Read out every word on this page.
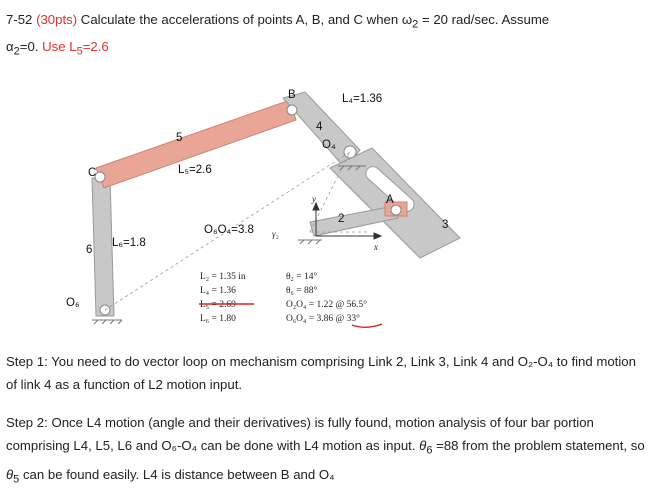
7-52 (30pts) Calculate the accelerations of points A, B, and C when $\omega_2 = 20$ rad/sec. Assume
$\alpha_2=0$. Use $L_5=2.6$
C
B
A
O₄
O₆
y
x
γ₂
2	3
4
5
6
L₄=1.36
L₅=2.6
O₆O₄=3.8
L₆=1.8
L₂ = 1.35 in
L₄ = 1.36
L₅ = 2.69
L₆ = 1.80
θ₂ = 14°
θ₆ = 88°
O₂O₄ = 1.22 @ 56.5°
O₆O₄ = 3.86 @ 33°
Step 1: You need to do vector loop on mechanism comprising Link 2, Link 3, Link 4 and O₂-O₄ to find motion of link 4 as a function of L2 motion input.
Step 2: Once L4 motion (angle and their derivatives) is fully found, motion analysis of four bar portion comprising L4, L5, L6 and O₆-O₄ can be done with L4 motion as input. $\theta_6 =88$ from the problem statement, so $\theta_5$ can be found easily. L4 is distance between B and O₄
